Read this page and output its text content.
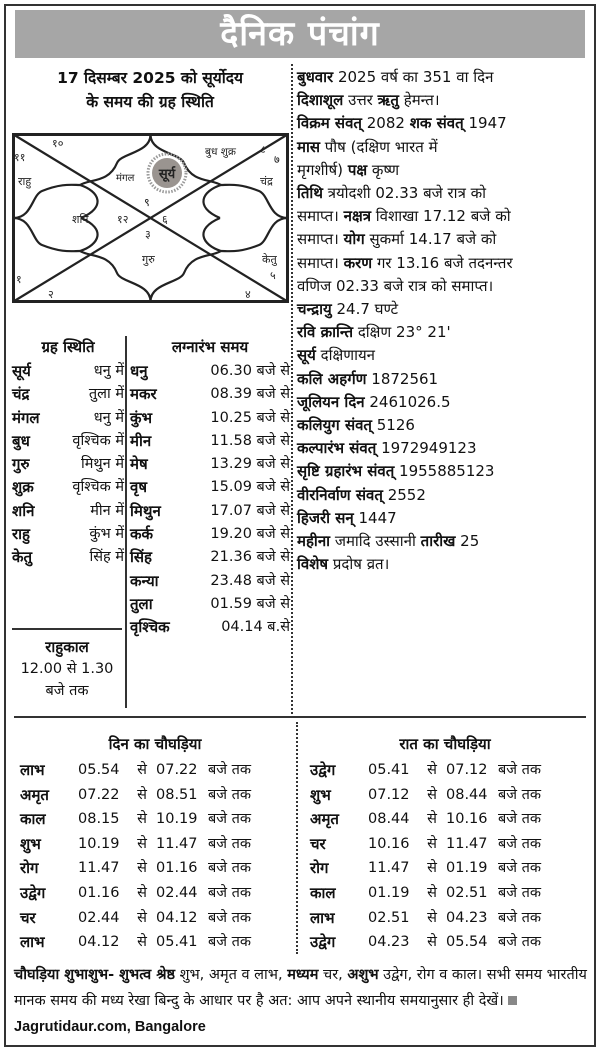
दैनिक पंचांग
17 दिसम्बर 2025 को सूर्योदय
के समय की ग्रह स्थिति
सूर्य
मंगल
बुध शुक्र ८
१०
११
राहु
७
चंद्र
शनि	१२
९
६
३
गुरु	केतु
५
१
२	४
ग्रह स्थिति
सूर्य	धनु में
चंद्र	तुला में
मंगल	धनु में
बुध	वृश्चिक में
गुरु	मिथुन में
शुक्र	वृश्चिक में
शनि	मीन में
राहु	कुंभ में
केतु	सिंह में
राहुकाल
12.00 से 1.30
बजे तक
लग्नारंभ समय
धनु	06.30 बजे से
मकर	08.39 बजे से
कुंभ	10.25 बजे से
मीन	11.58 बजे से
मेष	13.29 बजे से
वृष	15.09 बजे से
मिथुन	17.07 बजे से
कर्क	19.20 बजे से
सिंह	21.36 बजे से
कन्या	23.48 बजे से
तुला	01.59 बजे से
वृश्चिक	04.14 ब.से
बुधवार 2025 वर्ष का 351 वा दिन
दिशाशूल उत्तर ऋतु हेमन्त।
विक्रम संवत् 2082 शक संवत् 1947
मास पौष (दक्षिण भारत में
मृगशीर्ष) पक्ष कृष्ण
तिथि त्रयोदशी 02.33 बजे रात्र को
समाप्त। नक्षत्र विशाखा 17.12 बजे को
समाप्त। योग सुकर्मा 14.17 बजे को
समाप्त। करण गर 13.16 बजे तदनन्तर
वणिज 02.33 बजे रात्र को समाप्त।
चन्द्रायु 24.7 घण्टे
रवि क्रान्ति दक्षिण 23° 21'
सूर्य दक्षिणायन
कलि अहर्गण 1872561
जूलियन दिन 2461026.5
कलियुग संवत् 5126
कल्पारंभ संवत् 1972949123
सृष्टि ग्रहारंभ संवत् 1955885123
वीरनिर्वाण संवत् 2552
हिजरी सन् 1447
महीना जमादि उस्सानी तारीख 25
विशेष प्रदोष व्रत।
दिन का चौघड़िया
लाभ	05.54	से 07.22 बजे तक
अमृत	07.22	से 08.51 बजे तक
काल	08.15	से 10.19 बजे तक
शुभ	10.19	से 11.47 बजे तक
रोग	11.47	से 01.16 बजे तक
उद्वेग	01.16	से 02.44 बजे तक
चर	02.44	से 04.12 बजे तक
लाभ	04.12	से 05.41 बजे तक
रात का चौघड़िया
उद्वेग	05.41	से 07.12 बजे तक
शुभ	07.12	से 08.44 बजे तक
अमृत	08.44	से 10.16 बजे तक
चर	10.16	से 11.47 बजे तक
रोग	11.47	से 01.19 बजे तक
काल	01.19	से 02.51 बजे तक
लाभ	02.51	से 04.23 बजे तक
उद्वेग	04.23	से 05.54 बजे तक
चौघड़िया शुभाशुभ- शुभत्व श्रेष्ठ शुभ, अमृत व लाभ, मध्यम चर, अशुभ उद्वेग, रोग व काल। सभी समय भारतीय मानक समय की मध्य रेखा बिन्दु के आधार पर है अत: आप अपने स्थानीय समयानुसार ही देखें।Jagrutidaur.com, Bangalore
